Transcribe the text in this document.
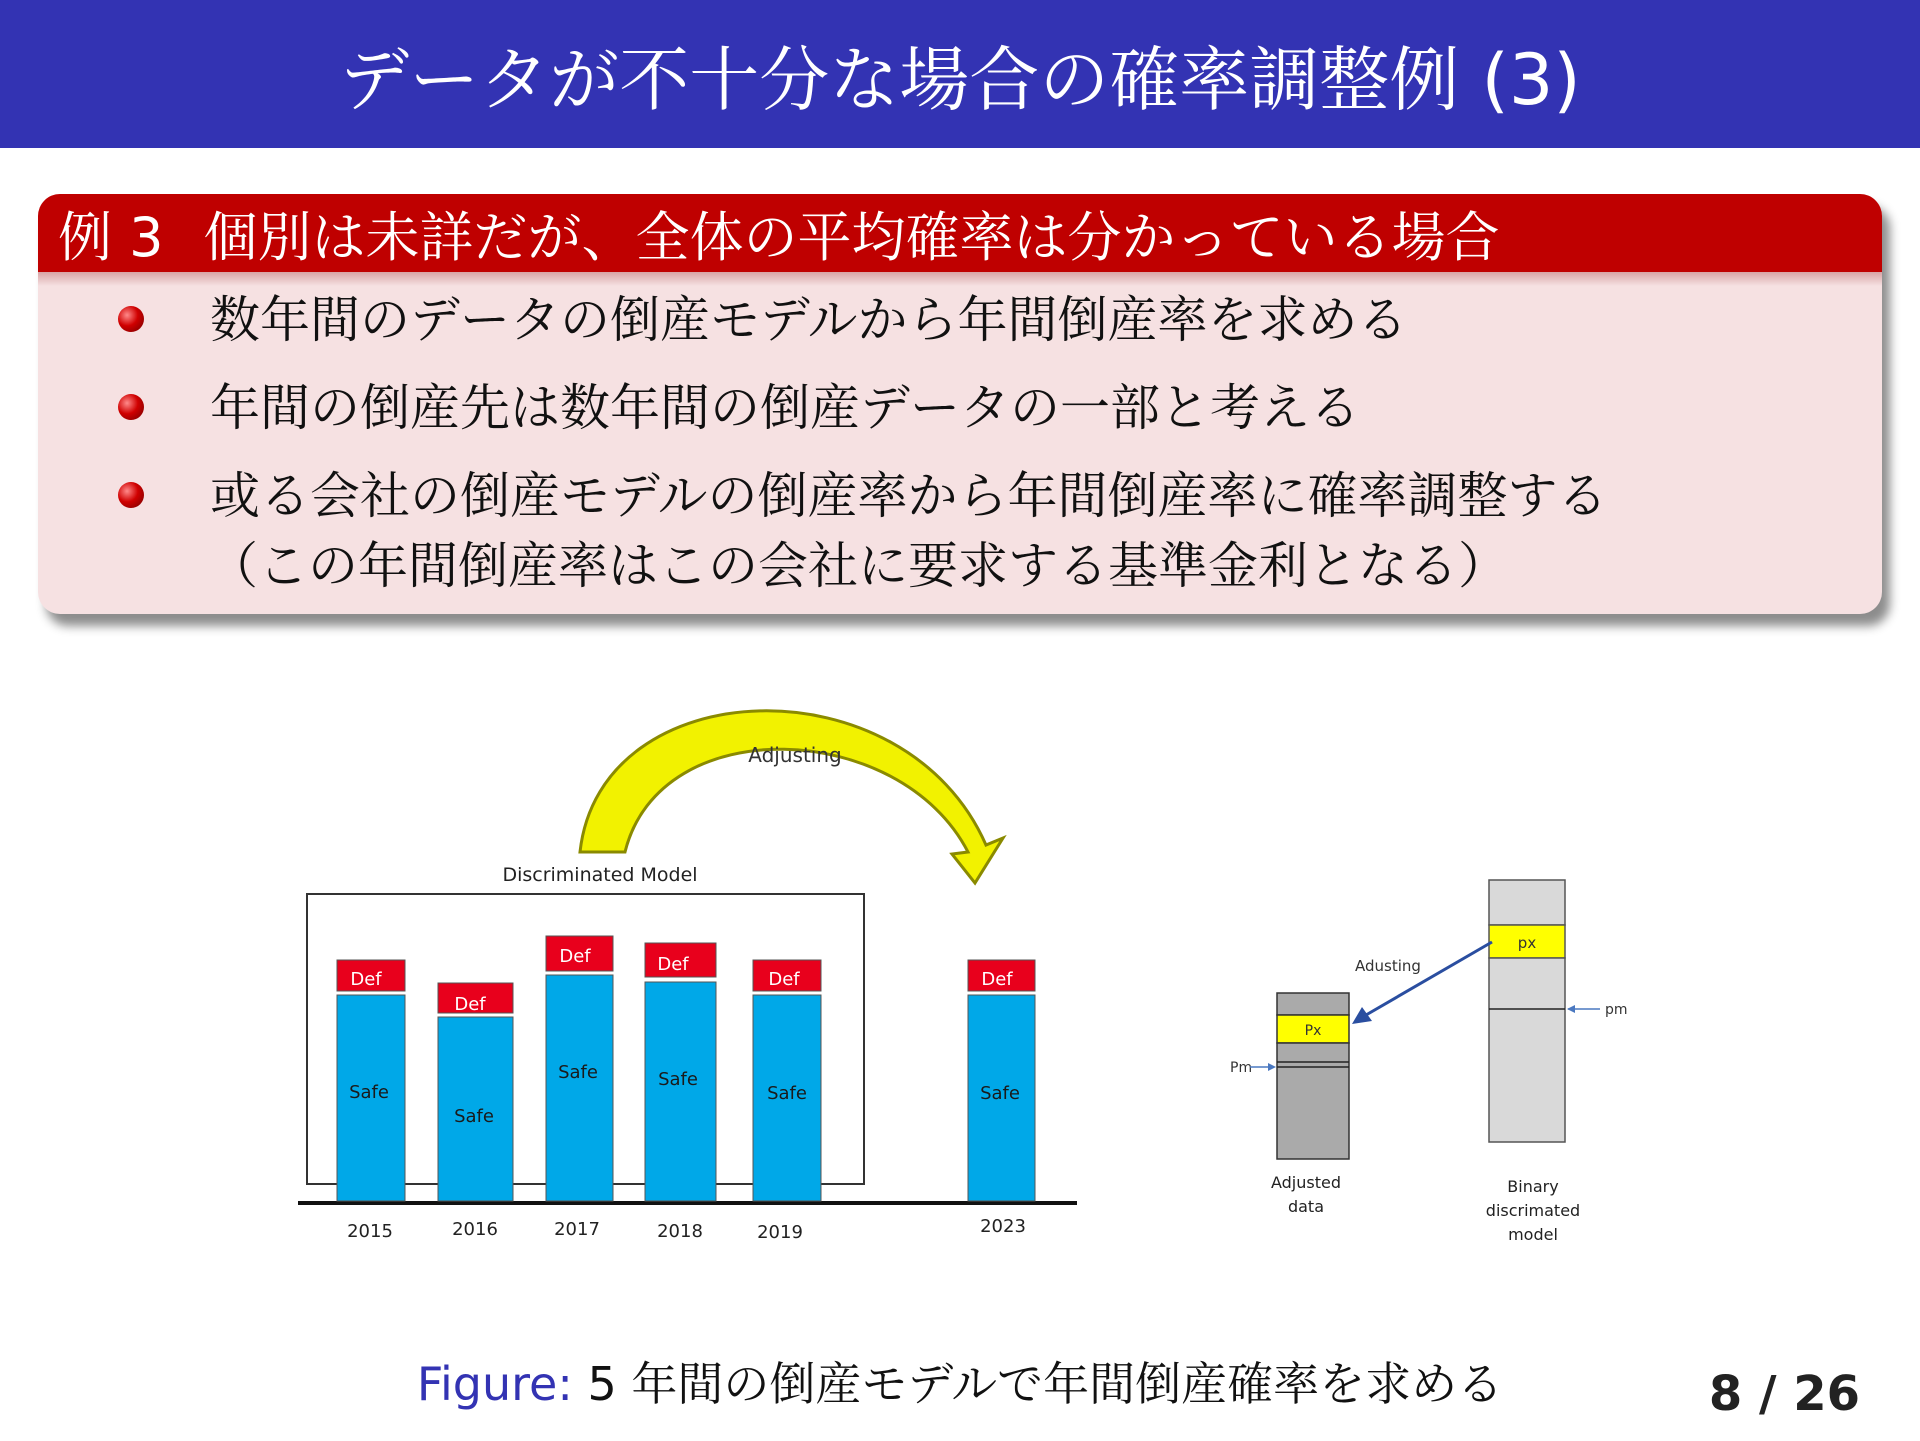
データが不十分な場合の確率調整例 (3)
例 3 個別は未詳だが、全体の平均確率は分かっている場合
数年間のデータの倒産モデルから年間倒産率を求める
年間の倒産先は数年間の倒産データの一部と考える
或る会社の倒産モデルの倒産率から年間倒産率に確率調整する
（この年間倒産率はこの会社に要求する基準金利となる）
Adjusting
Discriminated Model
Def
Safe
2015
Def
Safe
2016
Def
Safe
2017
Def
Safe
2018
Def
Safe
2019
Def
Safe
2023
Px
Pm
Adjusted
data
px
pm
Binary
discrimated
model
Adusting
Figure: 5 年間の倒産モデルで年間倒産確率を求める	8 / 26
